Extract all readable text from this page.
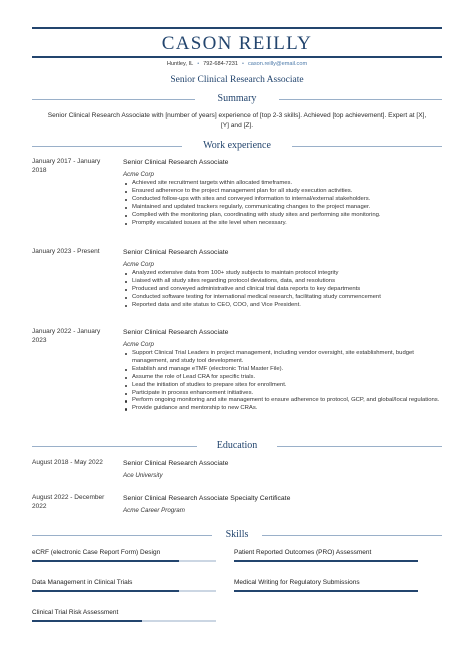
CASON REILLY
Huntley, IL • 792-684-7231 • cason.reilly@email.com
Senior Clinical Research Associate
Summary
Senior Clinical Research Associate with [number of years] experience of [top 2-3 skills]. Achieved [top achievement]. Expert at [X], [Y] and [Z].
Work experience
January 2017 - January 2018
Senior Clinical Research Associate
Acme Corp
Achieved site recruitment targets within allocated timeframes.
Ensured adherence to the project management plan for all study execution activities.
Conducted follow-ups with sites and conveyed information to internal/external stakeholders.
Maintained and updated trackers regularly, communicating changes to the project manager.
Complied with the monitoring plan, coordinating with study sites and performing site monitoring.
Promptly escalated issues at the site level when necessary.
January 2023 - Present	Senior Clinical Research Associate
Acme Corp
Analyzed extensive data from 100+ study subjects to maintain protocol integrity
Liaised with all study sites regarding protocol deviations, data, and resolutions
Produced and conveyed administrative and clinical trial data reports to key departments
Conducted software testing for international medical research, facilitating study commencement
Reported data and site status to CEO, COO, and Vice President.
January 2022 - January 2023
Senior Clinical Research Associate
Acme Corp
Support Clinical Trial Leaders in project management, including vendor oversight, site establishment, budget management, and study tool development.
Establish and manage eTMF (electronic Trial Master File).
Assume the role of Lead CRA for specific trials.
Lead the initiation of studies to prepare sites for enrollment.
Participate in process enhancement initiatives.
Perform ongoing monitoring and site management to ensure adherence to protocol, GCP, and global/local regulations.
Provide guidance and mentorship to new CRAs.
Education
August 2018 - May 2022	Senior Clinical Research Associate
Ace University
August 2022 - December 2022
Senior Clinical Research Associate Specialty Certificate
Acme Career Program
Skills
eCRF (electronic Case Report Form) Design	Patient Reported Outcomes (PRO) Assessment
Data Management in Clinical Trials	Medical Writing for Regulatory Submissions
Clinical Trial Risk Assessment
